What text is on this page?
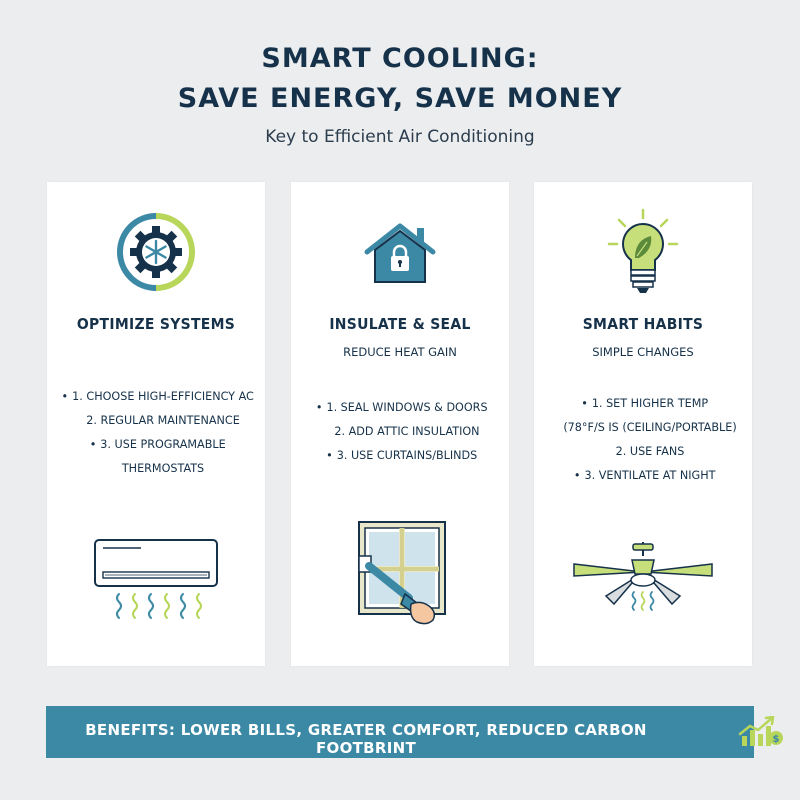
SMART COOLING:
SAVE ENERGY, SAVE MONEY
Key to Efficient Air Conditioning
OPTIMIZE SYSTEMS
• 1. CHOOSE HIGH-EFFICIENCY AC
2. REGULAR MAINTENANCE
• 3. USE PROGRAMABLE
THERMOSTATS
INSULATE & SEAL
REDUCE HEAT GAIN
• 1. SEAL WINDOWS & DOORS
2. ADD ATTIC INSULATION
• 3. USE CURTAINS/BLINDS
SMART HABITS
SIMPLE CHANGES
• 1. SET HIGHER TEMP
(78°F/S IS (CEILING/PORTABLE)
2. USE FANS
• 3. VENTILATE AT NIGHT
BENEFITS: LOWER BILLS, GREATER COMFORT, REDUCED CARBON FOOTBRINT	$
